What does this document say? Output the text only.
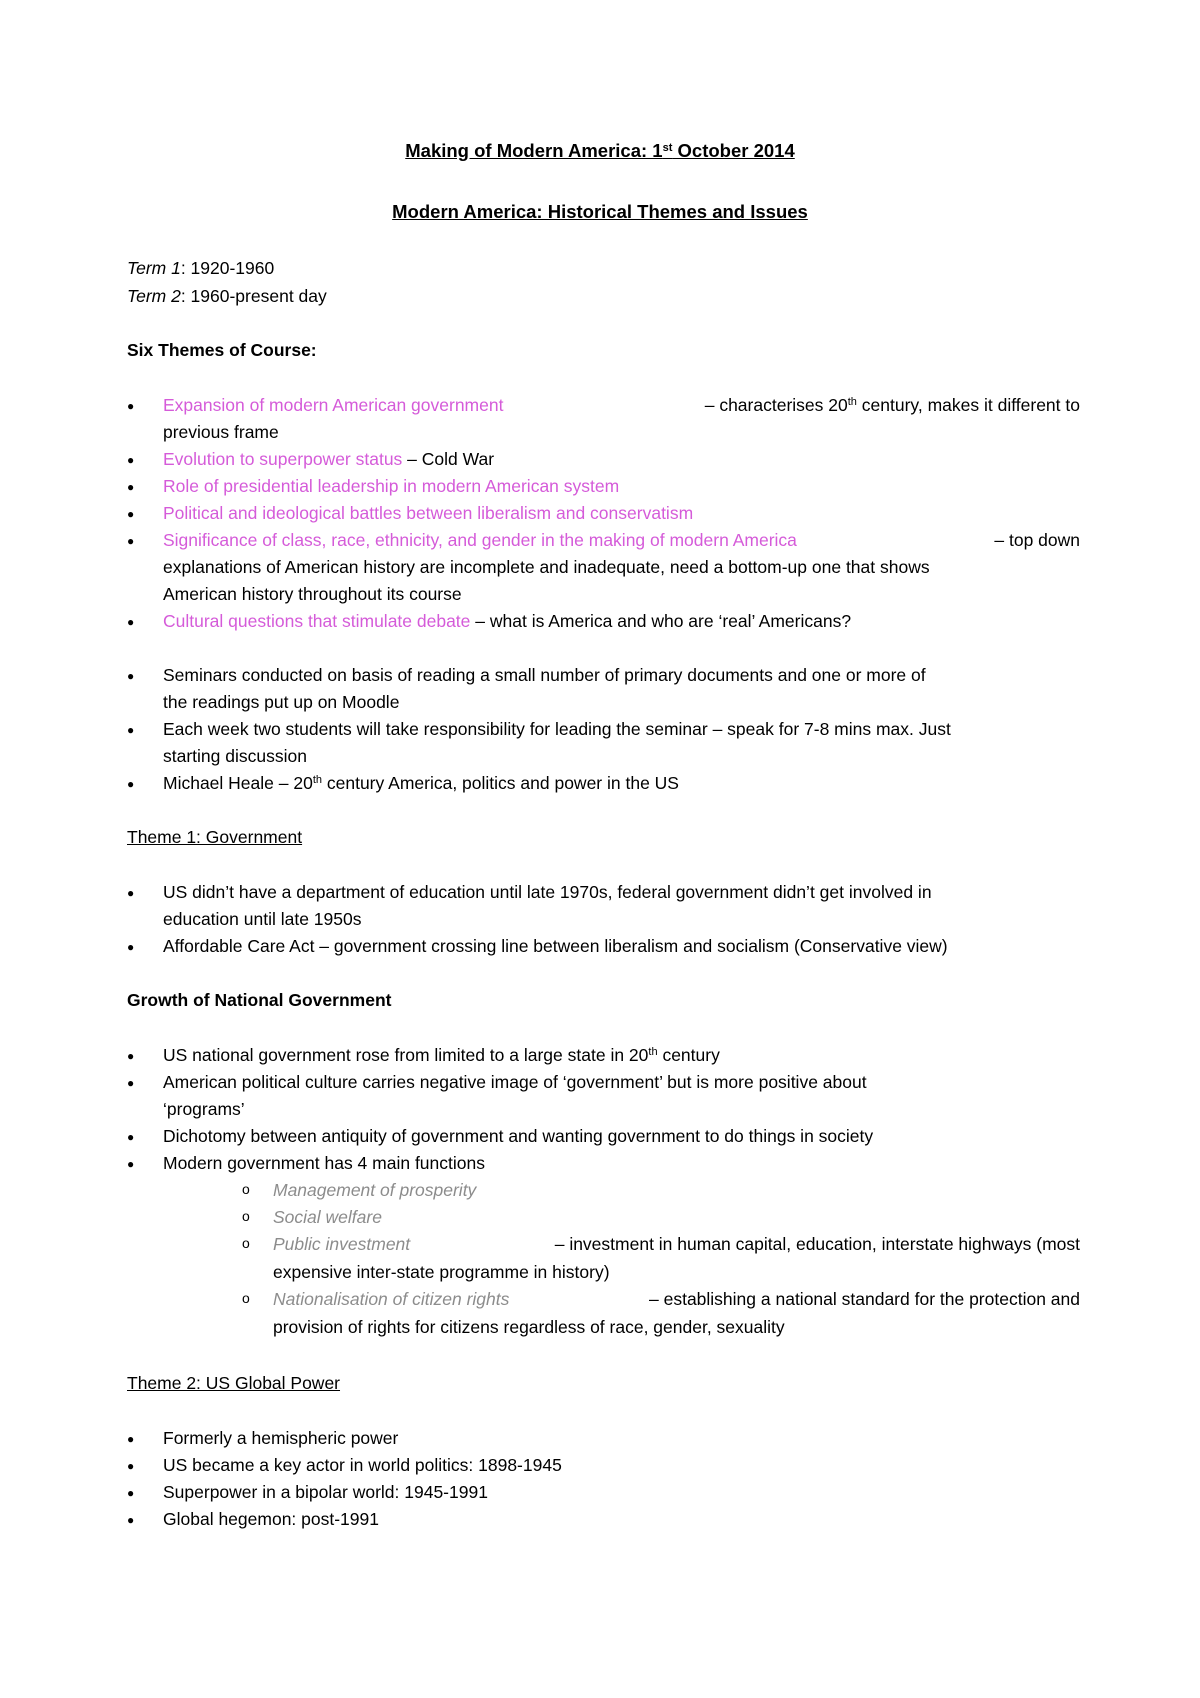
Making of Modern America: 1st October 2014

Modern America: Historical Themes and Issues

Term 1: 1920-1960

Term 2: 1960-present day

Six Themes of Course:

● Expansion of modern American government	– characterises 20th century, makes it different to
previous frame
● Evolution to superpower status – Cold War
● Role of presidential leadership in modern American system
● Political and ideological battles between liberalism and conservatism
● Significance of class, race, ethnicity, and gender in the making of modern America	– top down
explanations of American history are incomplete and inadequate, need a bottom-up one that shows
American history throughout its course
● Cultural questions that stimulate debate – what is America and who are ‘real’ Americans?
● Seminars conducted on basis of reading a small number of primary documents and one or more of
the readings put up on Moodle
● Each week two students will take responsibility for leading the seminar – speak for 7-8 mins max. Just
starting discussion
● Michael Heale – 20th century America, politics and power in the US

Theme 1: Government

● US didn’t have a department of education until late 1970s, federal government didn’t get involved in
education until late 1950s
● Affordable Care Act – government crossing line between liberalism and socialism (Conservative view)

Growth of National Government

● US national government rose from limited to a large state in 20th century
● American political culture carries negative image of ‘government’ but is more positive about
‘programs’
● Dichotomy between antiquity of government and wanting government to do things in society
● Modern government has 4 main functions
o Management of prosperity
o Social welfare
o Public investment	– investment in human capital, education, interstate highways (most
expensive inter-state programme in history)
o Nationalisation of citizen rights	– establishing a national standard for the protection and
provision of rights for citizens regardless of race, gender, sexuality

Theme 2: US Global Power

● Formerly a hemispheric power
● US became a key actor in world politics: 1898-1945
● Superpower in a bipolar world: 1945-1991
● Global hegemon: post-1991
